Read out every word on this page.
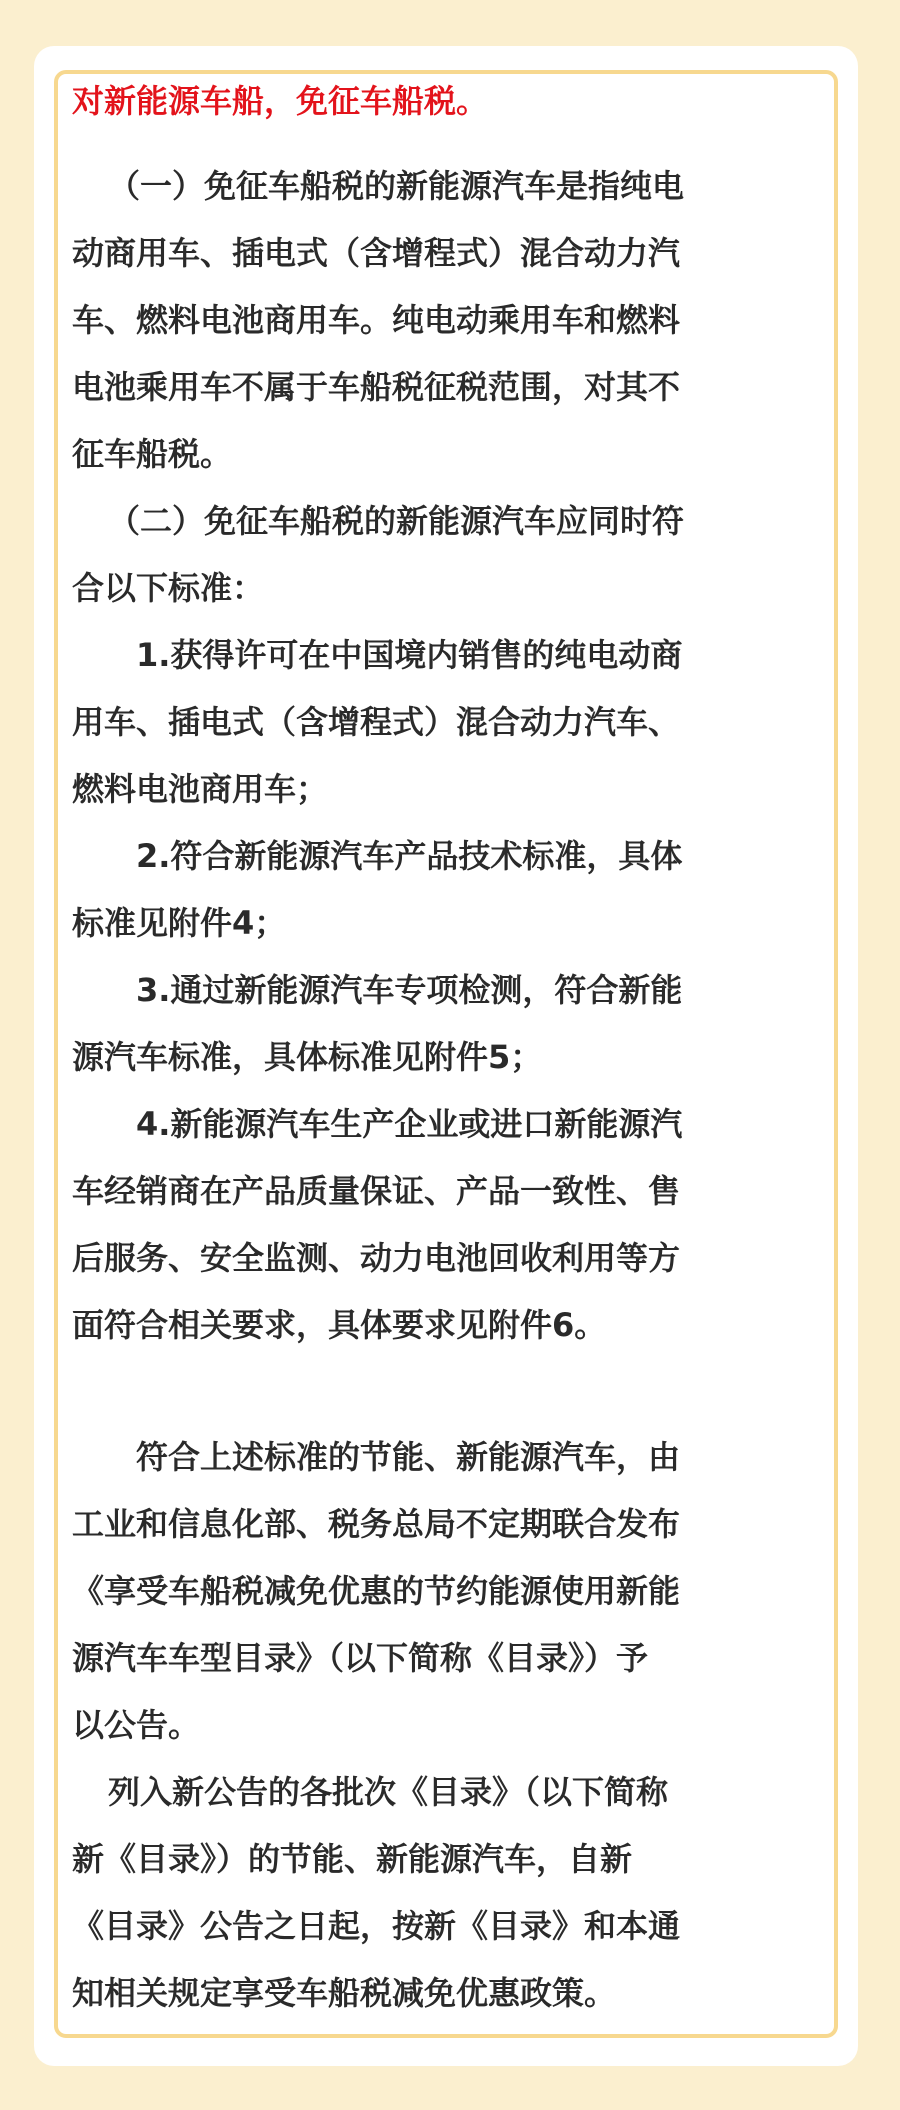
对新能源车船，免征车船税。
（一）免征车船税的新能源汽车是指纯电
动商用车、插电式（含增程式）混合动力汽
车、燃料电池商用车。纯电动乘用车和燃料
电池乘用车不属于车船税征税范围，对其不
征车船税。
（二）免征车船税的新能源汽车应同时符
合以下标准：
1.获得许可在中国境内销售的纯电动商
用车、插电式（含增程式）混合动力汽车、
燃料电池商用车；
2.符合新能源汽车产品技术标准，具体
标准见附件4；
3.通过新能源汽车专项检测，符合新能
源汽车标准，具体标准见附件5；
4.新能源汽车生产企业或进口新能源汽
车经销商在产品质量保证、产品一致性、售
后服务、安全监测、动力电池回收利用等方
面符合相关要求，具体要求见附件6。
符合上述标准的节能、新能源汽车，由
工业和信息化部、税务总局不定期联合发布
《享受车船税减免优惠的节约能源使用新能
源汽车车型目录》（以下简称《目录》）予
以公告。
列入新公告的各批次《目录》（以下简称
新《目录》）的节能、新能源汽车，自新
《目录》公告之日起，按新《目录》和本通
知相关规定享受车船税减免优惠政策。
